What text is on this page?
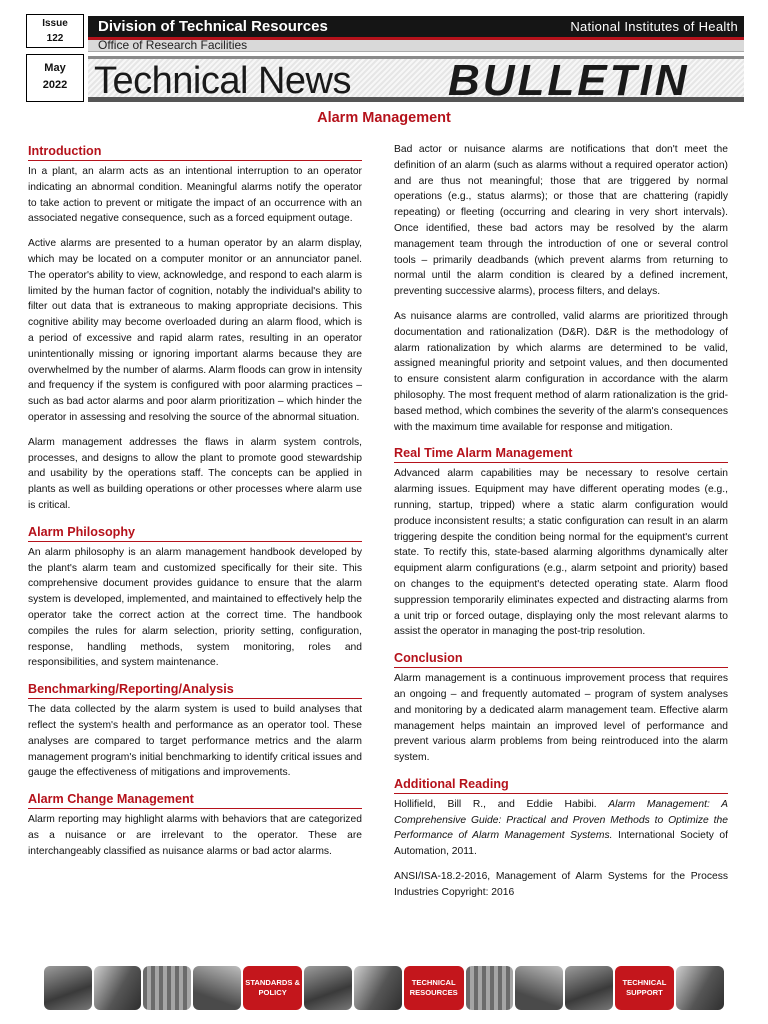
Issue
122
May
2022
Division of Technical Resources	National Institutes of Health
Office of Research Facilities
Technical News BULLETIN
Alarm Management
Introduction

In a plant, an alarm acts as an intentional interruption to an operator indicating an abnormal condition. Meaningful alarms notify the operator to take action to prevent or mitigate the impact of an occurrence with an associated negative consequence, such as a forced equipment outage.

Active alarms are presented to a human operator by an alarm display, which may be located on a computer monitor or an annunciator panel. The operator's ability to view, acknowledge, and respond to each alarm is limited by the human factor of cognition, notably the individual's ability to filter out data that is extraneous to making appropriate decisions. This cognitive ability may become overloaded during an alarm flood, which is a period of excessive and rapid alarm rates, resulting in an operator unintentionally missing or ignoring important alarms because they are overwhelmed by the number of alarms. Alarm floods can grow in intensity and frequency if the system is configured with poor alarming practices – such as bad actor alarms and poor alarm prioritization – which hinder the operator in assessing and resolving the source of the abnormal situation.

Alarm management addresses the flaws in alarm system controls, processes, and designs to allow the plant to promote good stewardship and usability by the operations staff. The concepts can be applied in plants as well as building operations or other processes where alarm use is critical.

Alarm Philosophy

An alarm philosophy is an alarm management handbook developed by the plant's alarm team and customized specifically for their site. This comprehensive document provides guidance to ensure that the alarm system is developed, implemented, and maintained to effectively help the operator take the correct action at the correct time. The handbook compiles the rules for alarm selection, priority setting, configuration, response, handling methods, system monitoring, roles and responsibilities, and system maintenance.

Benchmarking/Reporting/Analysis

The data collected by the alarm system is used to build analyses that reflect the system's health and performance as an operator tool. These analyses are compared to target performance metrics and the alarm management program's initial benchmarking to identify critical issues and gauge the effectiveness of mitigations and improvements.

Alarm Change Management

Alarm reporting may highlight alarms with behaviors that are categorized as a nuisance or are irrelevant to the operator. These are interchangeably classified as nuisance alarms or bad actor alarms.

Bad actor or nuisance alarms are notifications that don't meet the definition of an alarm (such as alarms without a required operator action) and are thus not meaningful; those that are triggered by normal operations (e.g., status alarms); or those that are chattering (rapidly repeating) or fleeting (occurring and clearing in very short intervals). Once identified, these bad actors may be resolved by the alarm management team through the introduction of one or several control tools – primarily deadbands (which prevent alarms from returning to normal until the alarm condition is cleared by a defined increment, preventing successive alarms), process filters, and delays.

As nuisance alarms are controlled, valid alarms are prioritized through documentation and rationalization (D&R). D&R is the methodology of alarm rationalization by which alarms are determined to be valid, assigned meaningful priority and setpoint values, and then documented to ensure consistent alarm configuration in accordance with the alarm philosophy. The most frequent method of alarm rationalization is the grid-based method, which combines the severity of the alarm's consequences with the maximum time available for response and mitigation.

Real Time Alarm Management

Advanced alarm capabilities may be necessary to resolve certain alarming issues. Equipment may have different operating modes (e.g., running, startup, tripped) where a static alarm configuration would produce inconsistent results; a static configuration can result in an alarm triggering despite the condition being normal for the equipment's current state. To rectify this, state-based alarming algorithms dynamically alter equipment alarm configurations (e.g., alarm setpoint and priority) based on changes to the equipment's detected operating state. Alarm flood suppression temporarily eliminates expected and distracting alarms from a unit trip or forced outage, displaying only the most relevant alarms to assist the operator in managing the post-trip resolution.

Conclusion

Alarm management is a continuous improvement process that requires an ongoing – and frequently automated – program of system analyses and monitoring by a dedicated alarm management team. Effective alarm management helps maintain an improved level of performance and prevent various alarm problems from being reintroduced into the alarm system.

Additional Reading

Hollifield, Bill R., and Eddie Habibi. Alarm Management: A Comprehensive Guide: Practical and Proven Methods to Optimize the Performance of Alarm Management Systems. International Society of Automation, 2011.

ANSI/ISA-18.2-2016, Management of Alarm Systems for the Process Industries Copyright: 2016

STANDARDS & POLICY
TECHNICAL RESOURCES
TECHNICAL SUPPORT
